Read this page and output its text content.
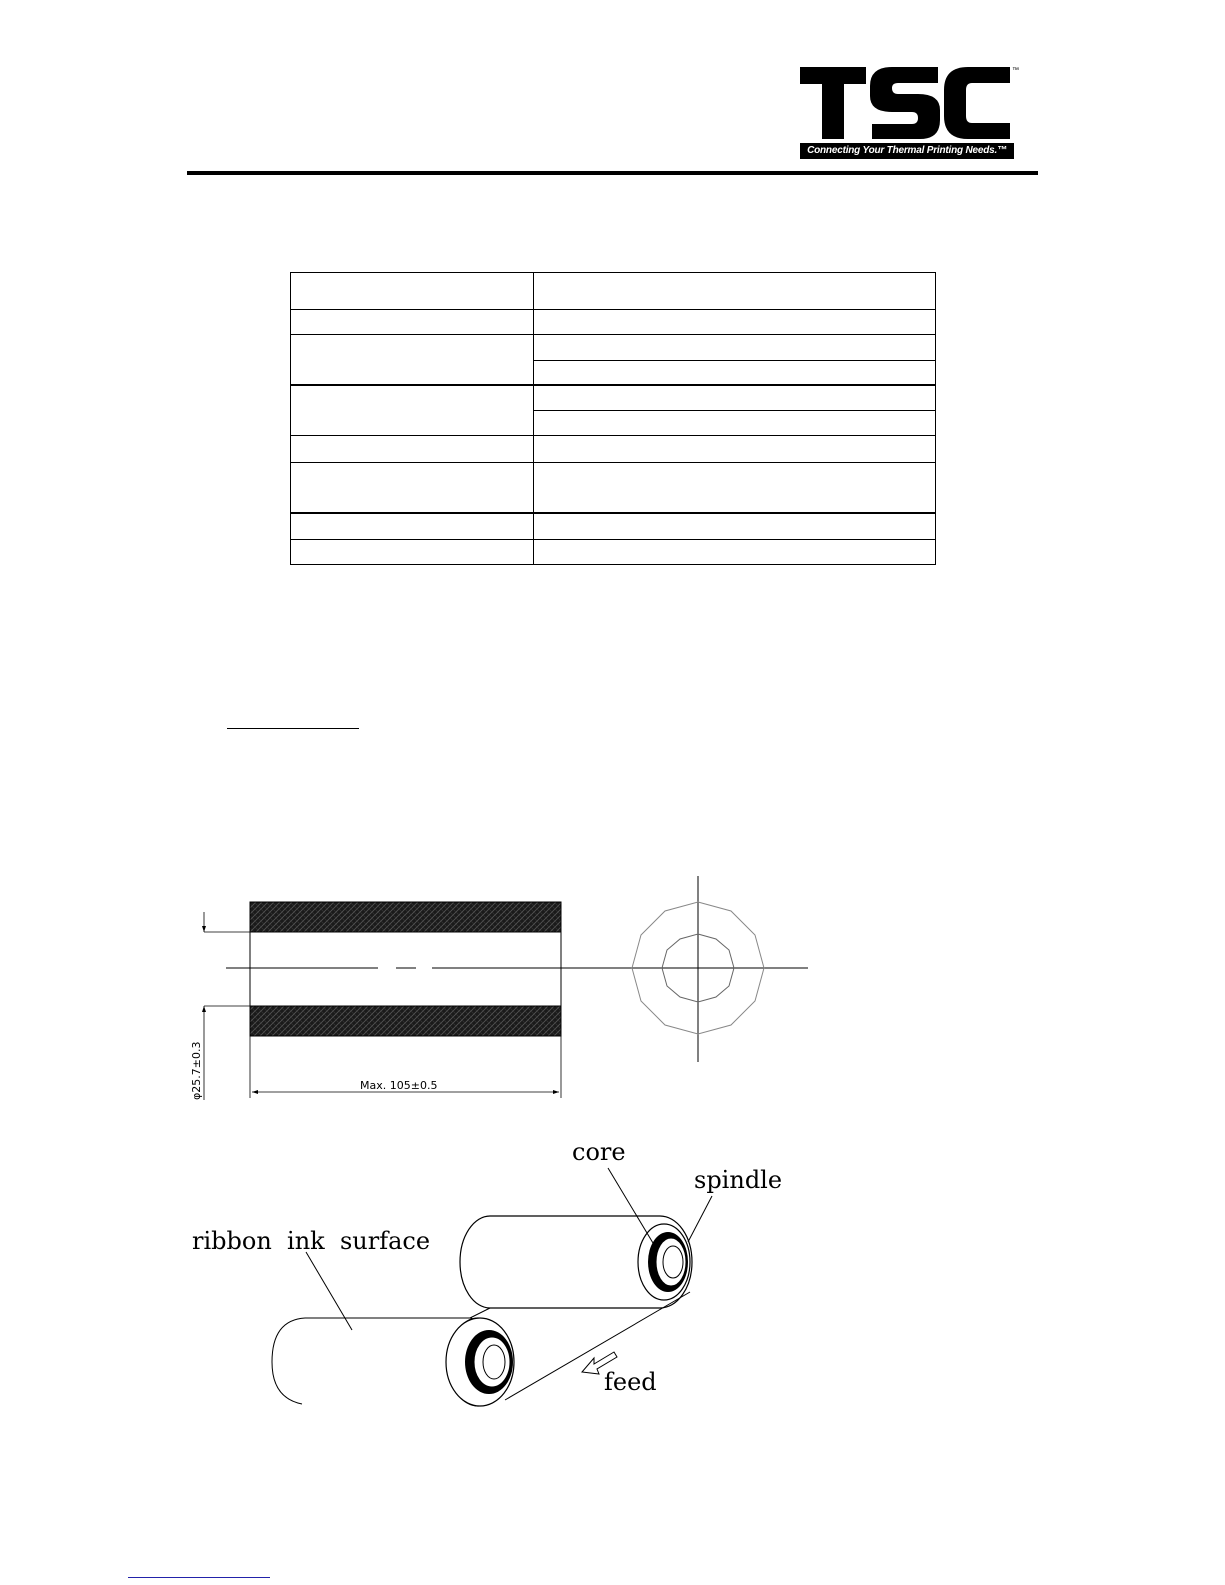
™
Connecting Your Thermal Printing Needs.™

Max. 105±0.5
φ25.7±0.3
core
spindle
ribbon  ink  surface
feed
